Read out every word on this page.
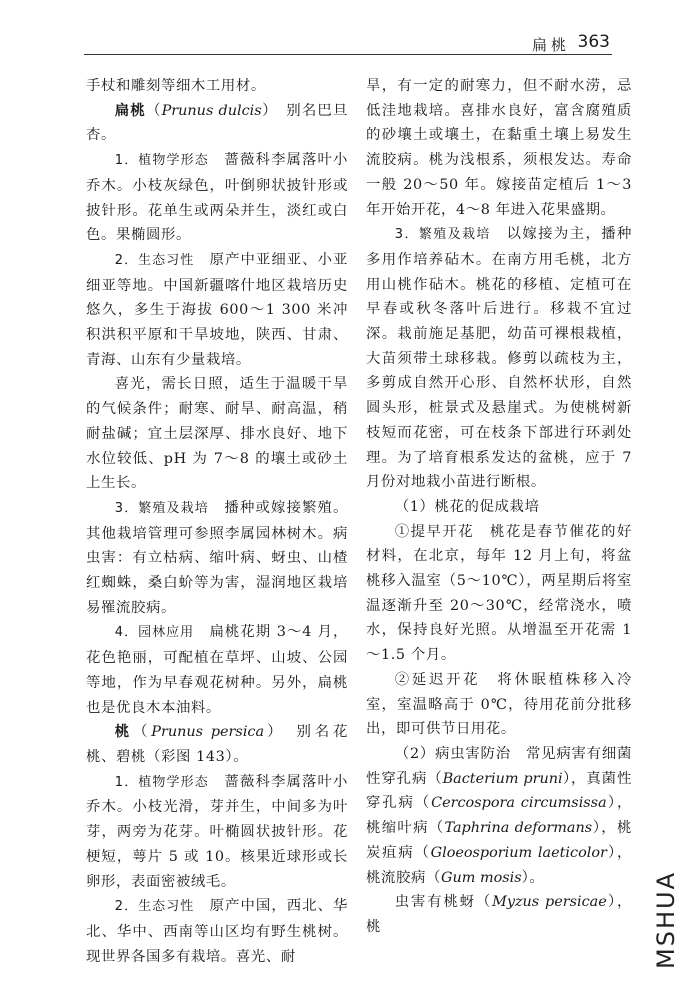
扁桃 363

手杖和雕刻等细木工用材。

扁桃（Prunus dulcis）　别名巴旦杏。

1．植物学形态　蔷薇科李属落叶小乔木。小枝灰绿色，叶倒卵状披针形或披针形。花单生或两朵并生，淡红或白色。果椭圆形。

2．生态习性　原产中亚细亚、小亚细亚等地。中国新疆喀什地区栽培历史悠久，多生于海拔 600～1 300 米冲积洪积平原和干旱坡地，陕西、甘肃、青海、山东有少量栽培。

喜光，需长日照，适生于温暖干旱的气候条件；耐寒、耐旱、耐高温，稍耐盐碱；宜土层深厚、排水良好、地下水位较低、pH 为 7～8 的壤土或砂土上生长。

3．繁殖及栽培　播种或嫁接繁殖。其他栽培管理可参照李属园林树木。病虫害：有立枯病、缩叶病、蚜虫、山楂红蜘蛛，桑白蚧等为害，湿润地区栽培易罹流胶病。

4．园林应用　扁桃花期 3～4 月，花色艳丽，可配植在草坪、山坡、公园等地，作为早春观花树种。另外，扁桃也是优良木本油料。

桃（Prunus persica）　别名花桃、碧桃（彩图 143）。

1．植物学形态　蔷薇科李属落叶小乔木。小枝光滑，芽并生，中间多为叶芽，两旁为花芽。叶椭圆状披针形。花梗短，萼片 5 或 10。核果近球形或长卵形，表面密被绒毛。

2．生态习性　原产中国，西北、华北、华中、西南等山区均有野生桃树。现世界各国多有栽培。喜光、耐

旱，有一定的耐寒力，但不耐水涝，忌低洼地栽培。喜排水良好，富含腐殖质的砂壤土或壤土，在黏重土壤上易发生流胶病。桃为浅根系，须根发达。寿命一般 20～50 年。嫁接苗定植后 1～3 年开始开花，4～8 年进入花果盛期。

3．繁殖及栽培　以嫁接为主，播种多用作培养砧木。在南方用毛桃，北方用山桃作砧木。桃花的移植、定植可在早春或秋冬落叶后进行。移栽不宜过深。栽前施足基肥，幼苗可裸根栽植，大苗须带土球移栽。修剪以疏枝为主，多剪成自然开心形、自然杯状形，自然圆头形，桩景式及悬崖式。为使桃树新枝短而花密，可在枝条下部进行环剥处理。为了培育根系发达的盆桃，应于 7 月份对地栽小苗进行断根。

（1）桃花的促成栽培

①提早开花　桃花是春节催花的好材料，在北京，每年 12 月上旬，将盆桃移入温室（5～10℃），两星期后将室温逐渐升至 20～30℃，经常浇水，喷水，保持良好光照。从增温至开花需 1～1.5 个月。

②延迟开花　将休眠植株移入冷室，室温略高于 0℃，待用花前分批移出，即可供节日用花。

（2）病虫害防治　常见病害有细菌性穿孔病（Bacterium pruni），真菌性穿孔病（Cercospora circumsissa），桃缩叶病（Taphrina deformans），桃炭疽病（Gloeosporium laeticolor），桃流胶病（Gum mosis）。

虫害有桃蚜（Myzus persicae），桃	MSHUA
